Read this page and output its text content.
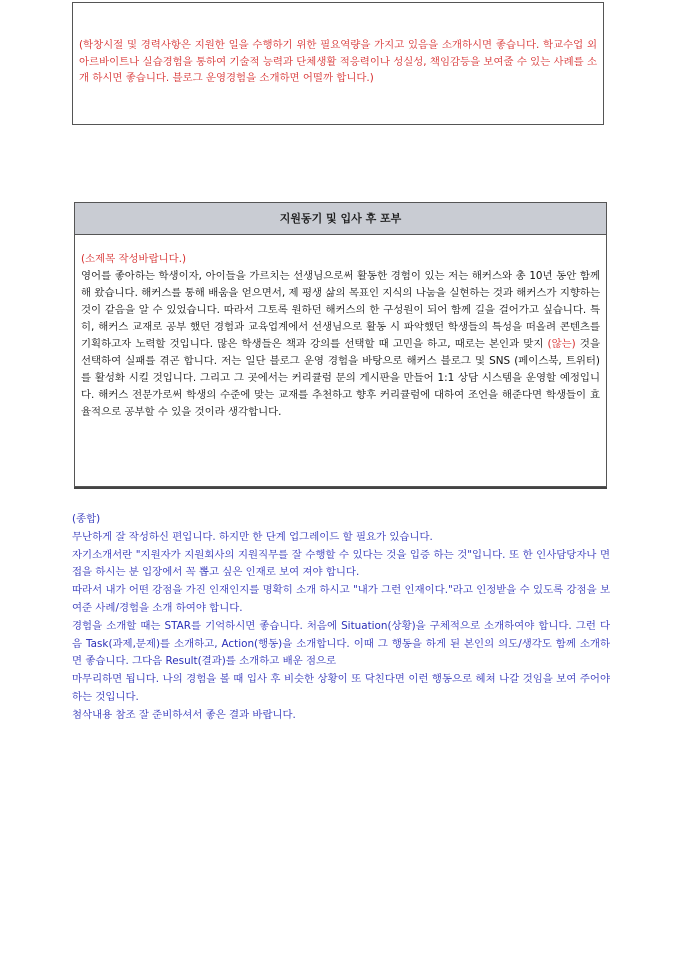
(학창시절 및 경력사항은 지원한 일을 수행하기 위한 필요역량을 가지고 있음을 소개하시면 좋습니다. 학교수업 외 아르바이트나 실습경험을 통하여 기술적 능력과 단체생활 적응력이나 성실성, 책임감등을 보여줄 수 있는 사례를 소개 하시면 좋습니다. 블로그 운영경험을 소개하면 어떨까 합니다.)
지원동기 및 입사 후 포부
(소제목 작성바랍니다.)
영어를 좋아하는 학생이자, 아이들을 가르치는 선생님으로써 활동한 경험이 있는 저는 해커스와 총 10년 동안 함께 해 왔습니다. 해커스를 통해 배움을 얻으면서, 제 평생 삶의 목표인 지식의 나눔을 실현하는 것과 해커스가 지향하는 것이 같음을 알 수 있었습니다. 따라서 그토록 원하던 해커스의 한 구성원이 되어 함께 길을 걸어가고 싶습니다. 특히, 해커스 교재로 공부 했던 경험과 교육업계에서 선생님으로 활동 시 파악했던 학생들의 특성을 떠올려 콘텐츠를 기획하고자 노력할 것입니다. 많은 학생들은 책과 강의를 선택할 때 고민을 하고, 때로는 본인과 맞지 (않는) 것을 선택하여 실패를 겪곤 합니다. 저는 일단 블로그 운영 경험을 바탕으로 해커스 블로그 및 SNS (페이스북, 트위터) 를 활성화 시킬 것입니다. 그리고 그 곳에서는 커리큘럼 문의 게시판을 만들어 1:1 상담 시스템을 운영할 예정입니다. 해커스 전문가로써 학생의 수준에 맞는 교재를 추천하고 향후 커리큘럼에 대하여 조언을 해준다면 학생들이 효율적으로 공부할 수 있을 것이라 생각합니다.

(종합)

무난하게 잘 작성하신 편입니다. 하지만 한 단계 업그레이드 할 필요가 있습니다.

자기소개서란 "지원자가 지원회사의 지원직무를 잘 수행할 수 있다는 것을 입증 하는 것"입니다. 또 한 인사담당자나 면접을 하시는 분 입장에서 꼭 뽑고 싶은 인재로 보여 져야 합니다.

따라서 내가 어떤 강점을 가진 인재인지를 명확히 소개 하시고 "내가 그런 인재이다."라고 인정받을 수 있도록 강점을 보여준 사례/경험을 소개 하여야 합니다.

경험을 소개할 때는 STAR를 기억하시면 좋습니다. 처음에 Situation(상황)을 구체적으로 소개하여야 합니다. 그런 다음 Task(과제,문제)를 소개하고, Action(행동)을 소개합니다. 이때 그 행동을 하게 된 본인의 의도/생각도 함께 소개하면 좋습니다. 그다음 Result(결과)를 소개하고 배운 점으로

마무리하면 됩니다. 나의 경험을 볼 때 입사 후 비슷한 상황이 또 닥친다면 이런 행동으로 헤쳐 나갈 것임을 보여 주어야 하는 것입니다.

첨삭내용 참조 잘 준비하셔서 좋은 결과 바랍니다.
